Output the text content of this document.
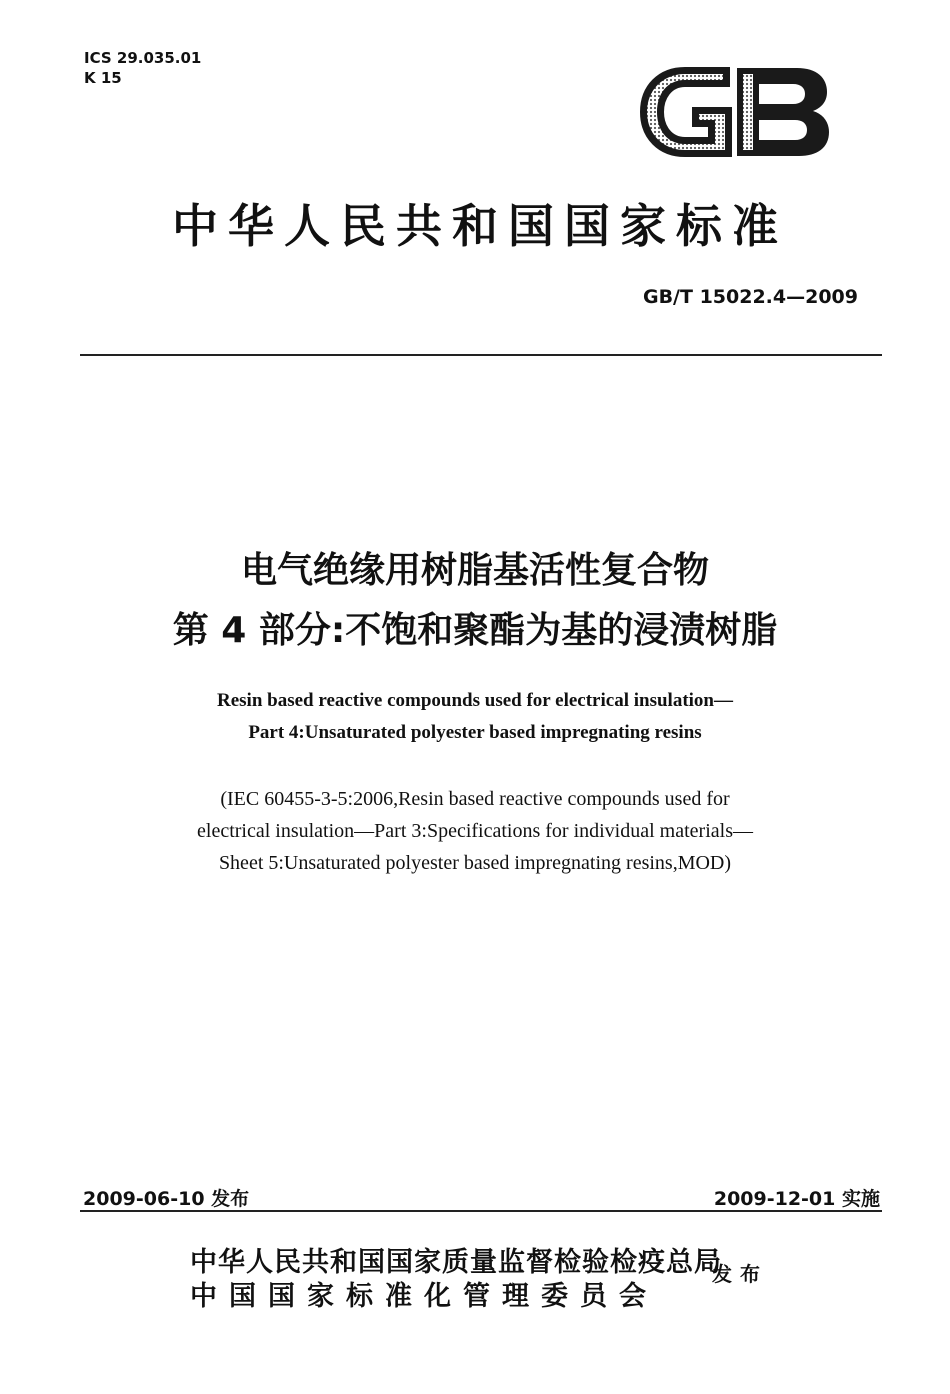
ICS 29.035.01
K 15
中华人民共和国国家标准
GB/T 15022.4—2009
电气绝缘用树脂基活性复合物
第 4 部分:不饱和聚酯为基的浸渍树脂
Resin based reactive compounds used for electrical insulation—
Part 4:Unsaturated polyester based impregnating resins
(IEC 60455-3-5:2006,Resin based reactive compounds used for
electrical insulation—Part 3:Specifications for individual materials—
Sheet 5:Unsaturated polyester based impregnating resins,MOD)
2009-06-10 发布	2009-12-01 实施
中华人民共和国国家质量监督检验检疫总局
中国国家标准化管理委员会
发布
